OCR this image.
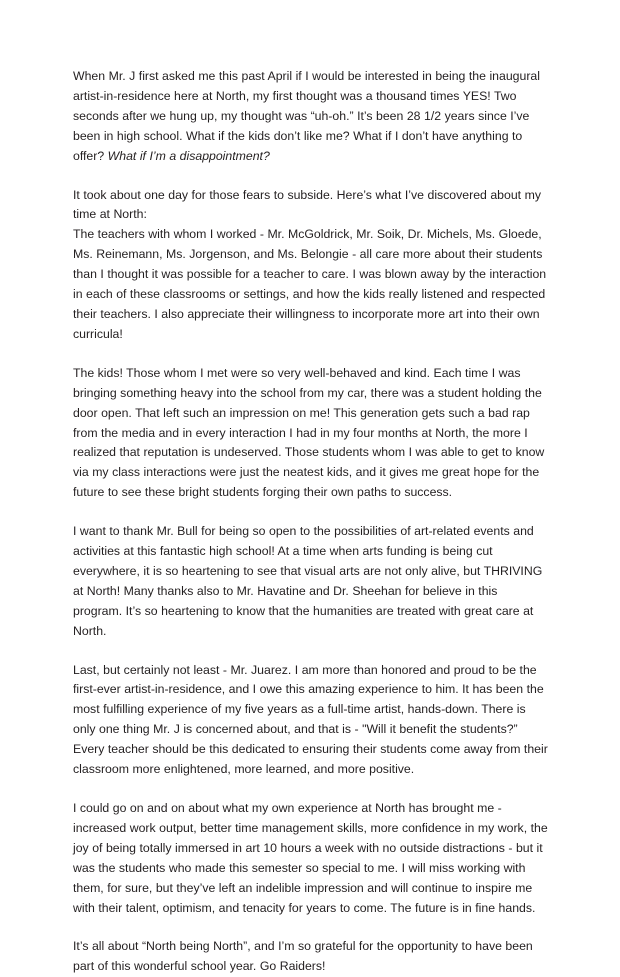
When Mr. J first asked me this past April if I would be interested in being the inaugural artist-in-residence here at North, my first thought was a thousand times YES! Two seconds after we hung up, my thought was “uh-oh.” It’s been 28 1/2 years since I’ve been in high school. What if the kids don’t like me? What if I don’t have anything to offer? What if I’m a disappointment?

It took about one day for those fears to subside. Here’s what I’ve discovered about my time at North:
The teachers with whom I worked - Mr. McGoldrick, Mr. Soik, Dr. Michels, Ms. Gloede, Ms. Reinemann, Ms. Jorgenson, and Ms. Belongie - all care more about their students than I thought it was possible for a teacher to care. I was blown away by the interaction in each of these classrooms or settings, and how the kids really listened and respected their teachers. I also appreciate their willingness to incorporate more art into their own curricula!

The kids! Those whom I met were so very well-behaved and kind. Each time I was bringing something heavy into the school from my car, there was a student holding the door open. That left such an impression on me! This generation gets such a bad rap from the media and in every interaction I had in my four months at North, the more I realized that reputation is undeserved. Those students whom I was able to get to know via my class interactions were just the neatest kids, and it gives me great hope for the future to see these bright students forging their own paths to success.

I want to thank Mr. Bull for being so open to the possibilities of art-related events and activities at this fantastic high school! At a time when arts funding is being cut everywhere, it is so heartening to see that visual arts are not only alive, but THRIVING at North! Many thanks also to Mr. Havatine and Dr. Sheehan for believe in this program. It’s so heartening to know that the humanities are treated with great care at North.

Last, but certainly not least - Mr. Juarez. I am more than honored and proud to be the first-ever artist-in-residence, and I owe this amazing experience to him. It has been the most fulfilling experience of my five years as a full-time artist, hands-down. There is only one thing Mr. J is concerned about, and that is - "Will it benefit the students?” Every teacher should be this dedicated to ensuring their students come away from their classroom more enlightened, more learned, and more positive.

I could go on and on about what my own experience at North has brought me - increased work output, better time management skills, more confidence in my work, the joy of being totally immersed in art 10 hours a week with no outside distractions - but it was the students who made this semester so special to me. I will miss working with them, for sure, but they’ve left an indelible impression and will continue to inspire me with their talent, optimism, and tenacity for years to come. The future is in fine hands.

It’s all about “North being North”, and I’m so grateful for the opportunity to have been part of this wonderful school year. Go Raiders!
